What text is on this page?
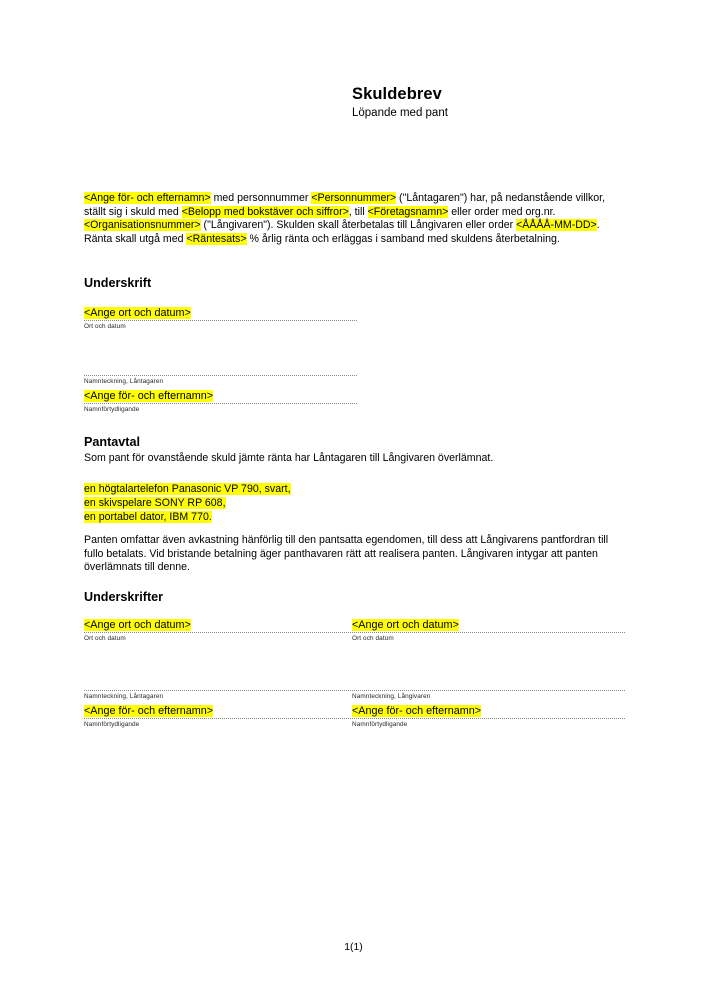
Skuldebrev
Löpande med pant
<Ange för- och efternamn> med personnummer <Personnummer> ("Låntagaren") har, på nedanstående villkor, ställt sig i skuld med <Belopp med bokstäver och siffror>, till <Företagsnamn> eller order med org.nr. <Organisationsnummer> ("Långivaren"). Skulden skall återbetalas till Långivaren eller order <ÅÅÅÅ-MM-DD>. Ränta skall utgå med <Räntesats> % årlig ränta och erläggas i samband med skuldens återbetalning.
Underskrift
<Ange ort och datum>
Ort och datum
Namnteckning, Låntagaren
<Ange för- och efternamn>
Namnförtydligande
Pantavtal
Som pant för ovanstående skuld jämte ränta har Låntagaren till Långivaren överlämnat.
en högtalartelefon Panasonic VP 790, svart,
en skivspelare SONY RP 608,
en portabel dator, IBM 770.
Panten omfattar även avkastning hänförlig till den pantsatta egendomen, till dess att Långivarens pantfordran till fullo betalats. Vid bristande betalning äger panthavaren rätt att realisera panten. Långivaren intygar att panten överlämnats till denne.
Underskrifter
<Ange ort och datum>
Ort och datum
Namnteckning, Låntagaren
<Ange för- och efternamn>
Namnförtydligande
<Ange ort och datum>
Ort och datum
Namnteckning, Långivaren
<Ange för- och efternamn>
Namnförtydligande
1(1)
